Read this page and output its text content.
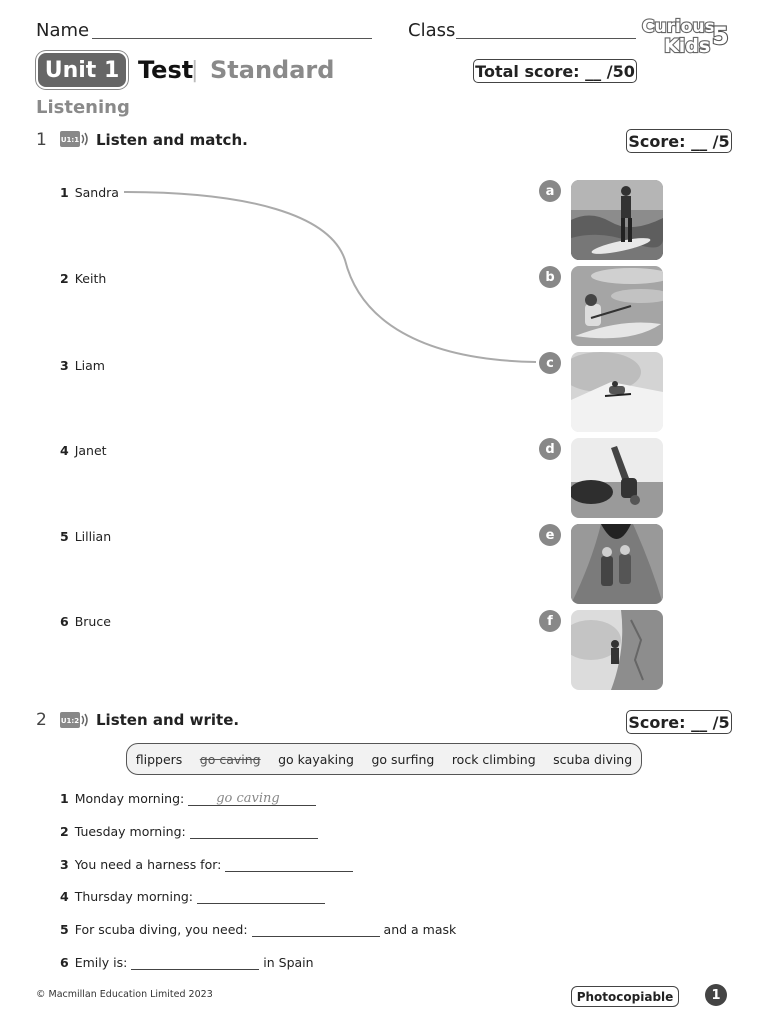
Name	Class	Curious
Kids 5
Unit 1 Test
| Standard	Total score: __ /50
Listening
1 U1:1 Listen and match.	Score: __ /5
1 Sandra
2 Keith
3 Liam
4 Janet
5 Lillian
6 Bruce
a
b
c
d
e
f
2 U1:2 Listen and write.	Score: __ /5
flippers go caving go kayaking go surfing rock climbing scuba diving
1 Monday morning: go caving
2 Tuesday morning:
3 You need a harness for:
4 Thursday morning:
5 For scuba diving, you need:	and a mask
6 Emily is:	in Spain
© Macmillan Education Limited 2023	Photocopiable	1
